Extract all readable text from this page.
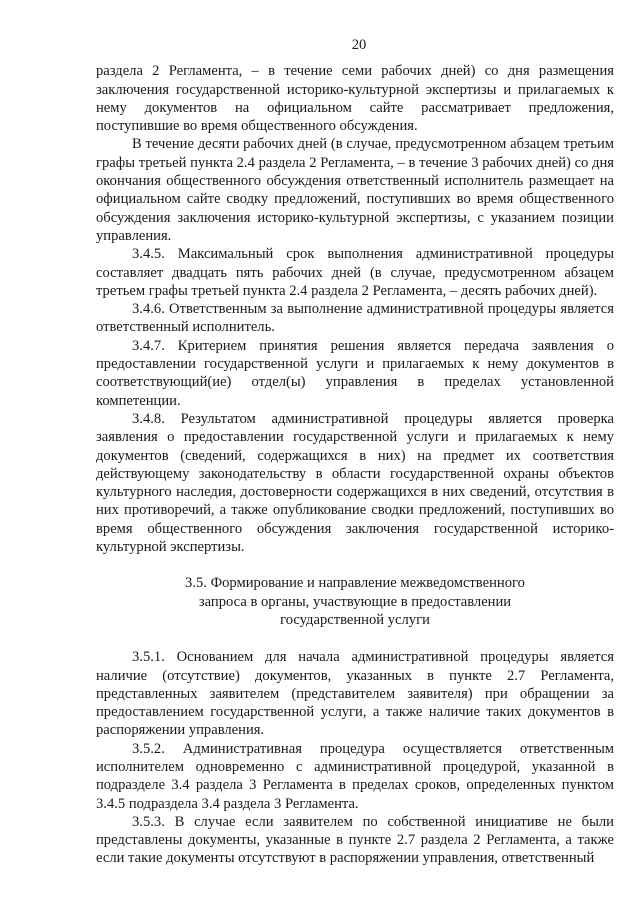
20

раздела 2 Регламента, – в течение семи рабочих дней) со дня размещения заключения государственной историко-культурной экспертизы и прилагаемых к нему документов на официальном сайте рассматривает предложения, поступившие во время общественного обсуждения.

В течение десяти рабочих дней (в случае, предусмотренном абзацем третьим графы третьей пункта 2.4 раздела 2 Регламента, – в течение 3 рабочих дней) со дня окончания общественного обсуждения ответственный исполнитель размещает на официальном сайте сводку предложений, поступивших во время общественного обсуждения заключения историко-культурной экспертизы, с указанием позиции управления.

3.4.5. Максимальный срок выполнения административной процедуры составляет двадцать пять рабочих дней (в случае, предусмотренном абзацем третьем графы третьей пункта 2.4 раздела 2 Регламента, – десять рабочих дней).

3.4.6. Ответственным за выполнение административной процедуры является ответственный исполнитель.

3.4.7. Критерием принятия решения является передача заявления о предоставлении государственной услуги и прилагаемых к нему документов в соответствующий(ие) отдел(ы) управления в пределах установленной компетенции.

3.4.8. Результатом административной процедуры является проверка заявления о предоставлении государственной услуги и прилагаемых к нему документов (сведений, содержащихся в них) на предмет их соответствия действующему законодательству в области государственной охраны объектов культурного наследия, достоверности содержащихся в них сведений, отсутствия в них противоречий, а также опубликование сводки предложений, поступивших во время общественного обсуждения заключения государственной историко-культурной экспертизы.

3.5. Формирование и направление межведомственного
запроса в органы, участвующие в предоставлении
государственной услуги

3.5.1. Основанием для начала административной процедуры является наличие (отсутствие) документов, указанных в пункте 2.7 Регламента, представленных заявителем (представителем заявителя) при обращении за предоставлением государственной услуги, а также наличие таких документов в распоряжении управления.

3.5.2. Административная процедура осуществляется ответственным исполнителем одновременно с административной процедурой, указанной в подразделе 3.4 раздела 3 Регламента в пределах сроков, определенных пунктом 3.4.5 подраздела 3.4 раздела 3 Регламента.

3.5.3. В случае если заявителем по собственной инициативе не были представлены документы, указанные в пункте 2.7 раздела 2 Регламента, а также если такие документы отсутствуют в распоряжении управления, ответственный
